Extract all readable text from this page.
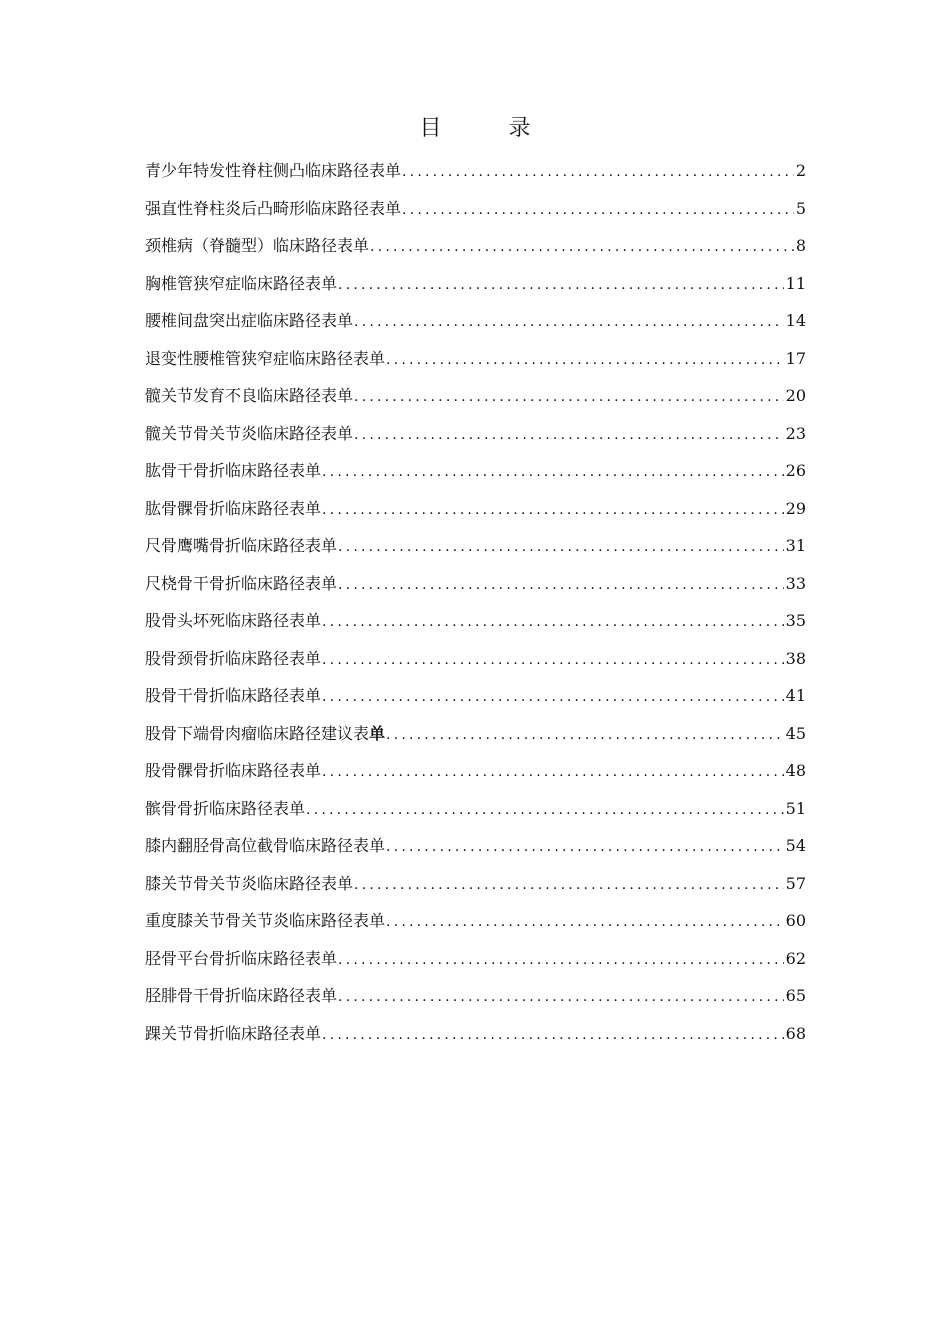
目 录
青少年特发性脊柱侧凸临床路径表单 .....	2
强直性脊柱炎后凸畸形临床路径表单 .....	5
颈椎病（脊髓型）临床路径表单 .....	8
胸椎管狭窄症临床路径表单 .....	11
腰椎间盘突出症临床路径表单 .....	14
退变性腰椎管狭窄症临床路径表单 .....	17
髋关节发育不良临床路径表单 .....	20
髋关节骨关节炎临床路径表单 .....	23
肱骨干骨折临床路径表单 .....	26
肱骨髁骨折临床路径表单 .....	29
尺骨鹰嘴骨折临床路径表单 .....	31
尺桡骨干骨折临床路径表单 .....	33
股骨头坏死临床路径表单 .....	35
股骨颈骨折临床路径表单 .....	38
股骨干骨折临床路径表单 .....	41
股骨下端骨肉瘤临床路径建议表单 .....	45
股骨髁骨折临床路径表单 .....	48
髌骨骨折临床路径表单 .....	51
膝内翻胫骨高位截骨临床路径表单 .....	54
膝关节骨关节炎临床路径表单 .....	57
重度膝关节骨关节炎临床路径表单 .....	60
胫骨平台骨折临床路径表单 .....	62
胫腓骨干骨折临床路径表单 .....	65
踝关节骨折临床路径表单 .....	68
